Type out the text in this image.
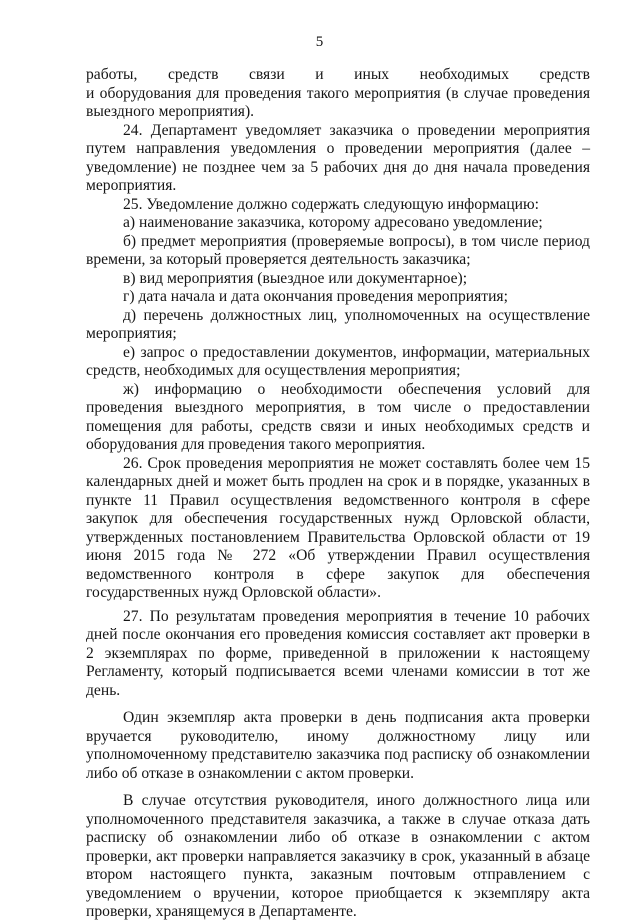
5

работы, средств связи и иных необходимых средств

и оборудования для проведения такого мероприятия (в случае проведения выездного мероприятия).

24. Департамент уведомляет заказчика о проведении мероприятия путем направления уведомления о проведении мероприятия (далее – уведомление) не позднее чем за 5 рабочих дня до дня начала проведения мероприятия.

25. Уведомление должно содержать следующую информацию:

а) наименование заказчика, которому адресовано уведомление;

б) предмет мероприятия (проверяемые вопросы), в том числе период времени, за который проверяется деятельность заказчика;

в) вид мероприятия (выездное или документарное);

г) дата начала и дата окончания проведения мероприятия;

д) перечень должностных лиц, уполномоченных на осуществление мероприятия;

е) запрос о предоставлении документов, информации, материальных средств, необходимых для осуществления мероприятия;

ж) информацию о необходимости обеспечения условий для проведения выездного мероприятия, в том числе о предоставлении помещения для работы, средств связи и иных необходимых средств и оборудования для проведения такого мероприятия.

26. Срок проведения мероприятия не может составлять более чем 15 календарных дней и может быть продлен на срок и в порядке, указанных в пункте 11 Правил осуществления ведомственного контроля в сфере закупок для обеспечения государственных нужд Орловской области, утвержденных постановлением Правительства Орловской области от 19 июня 2015 года № 272 «Об утверждении Правил осуществления ведомственного контроля в сфере закупок для обеспечения государственных нужд Орловской области».

27. По результатам проведения мероприятия в течение 10 рабочих дней после окончания его проведения комиссия составляет акт проверки в 2 экземплярах по форме, приведенной в приложении к настоящему Регламенту, который подписывается всеми членами комиссии в тот же день.

Один экземпляр акта проверки в день подписания акта проверки вручается руководителю, иному должностному лицу или уполномоченному представителю заказчика под расписку об ознакомлении либо об отказе в ознакомлении с актом проверки.

В случае отсутствия руководителя, иного должностного лица или уполномоченного представителя заказчика, а также в случае отказа дать расписку об ознакомлении либо об отказе в ознакомлении с актом проверки, акт проверки направляется заказчику в срок, указанный в абзаце втором настоящего пункта, заказным почтовым отправлением с уведомлением о вручении, которое приобщается к экземпляру акта проверки, хранящемуся в Департаменте.
